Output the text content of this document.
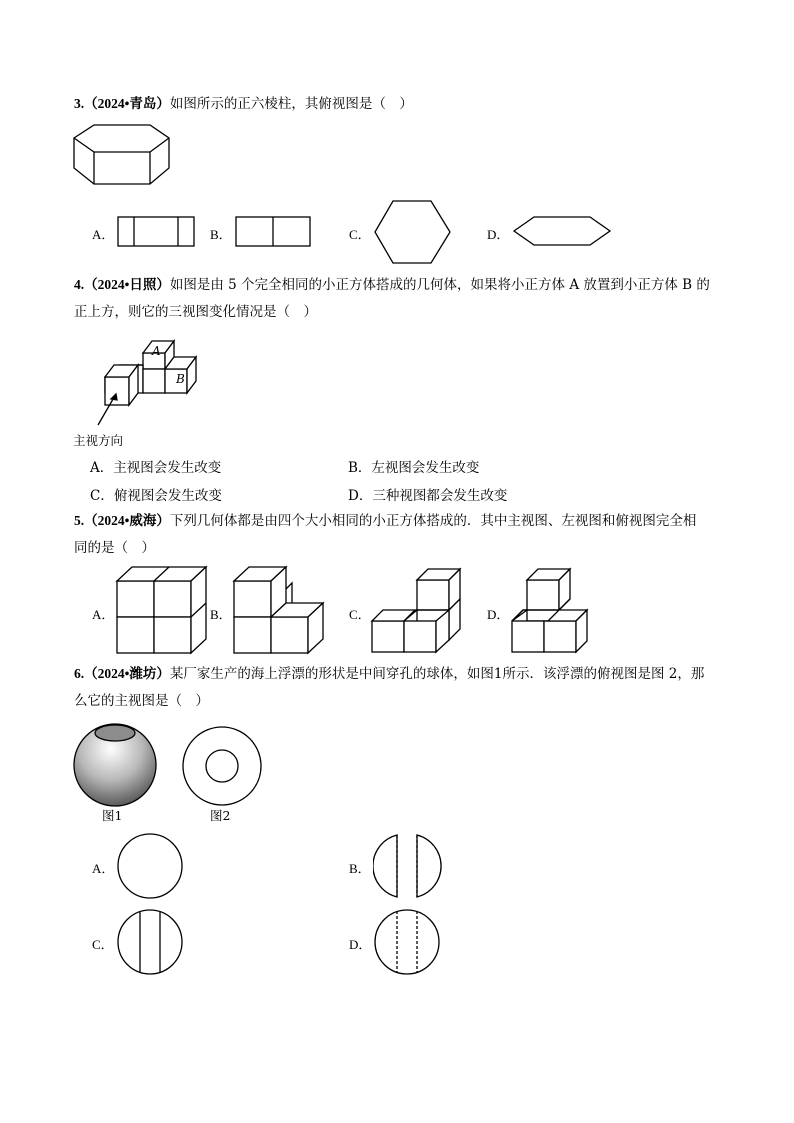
3.（2024•青岛）如图所示的正六棱柱，其俯视图是（　）
A．	B．	C．	D．
4.（2024•日照）如图是由 5 个完全相同的小正方体搭成的几何体，如果将小正方体 A 放置到小正方体 B 的
正上方，则它的三视图变化情况是（　）
A
B
主视方向
A．主视图会发生改变	B．左视图会发生改变
C．俯视图会发生改变	D．三种视图都会发生改变
5.（2024•威海）下列几何体都是由四个大小相同的小正方体搭成的．其中主视图、左视图和俯视图完全相
同的是（　）
A．	B．	C．	D．
6.（2024•潍坊）某厂家生产的海上浮漂的形状是中间穿孔的球体，如图1所示．该浮漂的俯视图是图 2，那
么它的主视图是（　）
图1	图2
A．	B．
C．	D．
